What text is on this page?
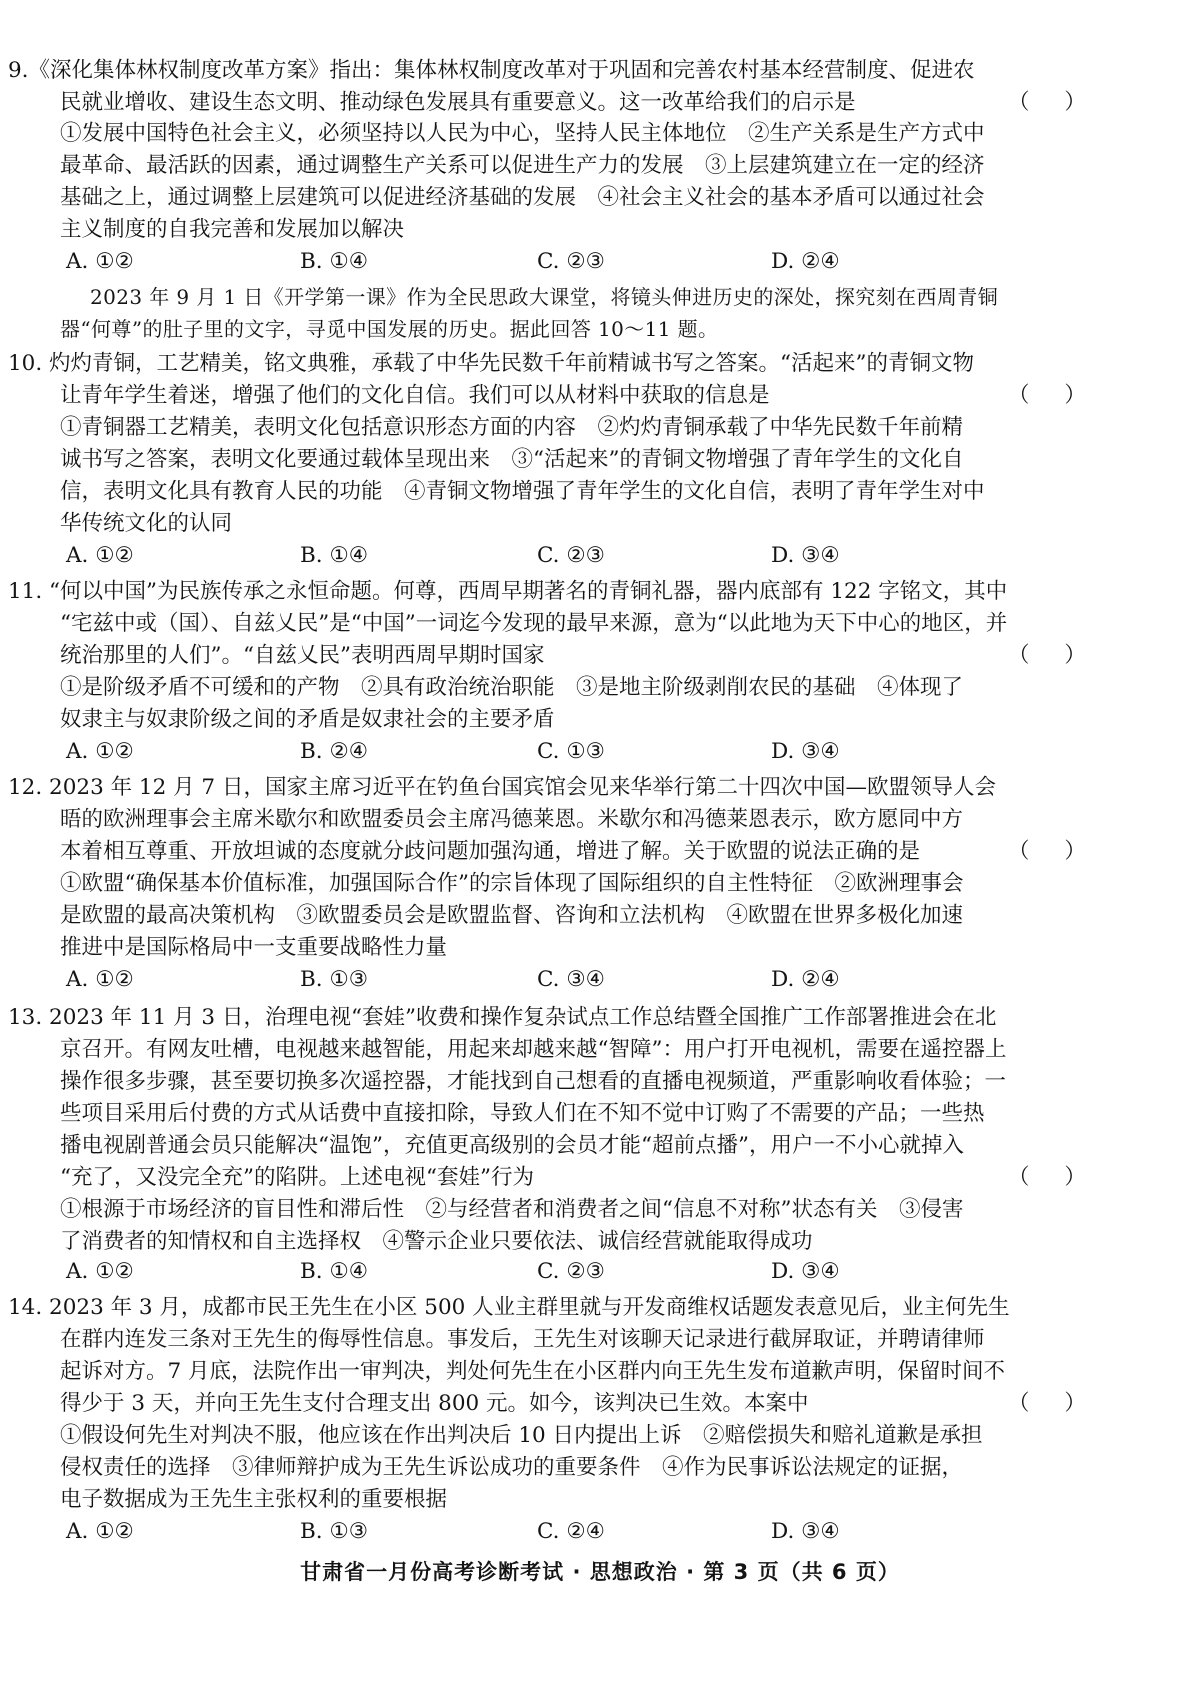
9.《深化集体林权制度改革方案》指出：集体林权制度改革对于巩固和完善农村基本经营制度、促进农
民就业增收、建设生态文明、推动绿色发展具有重要意义。这一改革给我们的启示是	（ ）
①发展中国特色社会主义，必须坚持以人民为中心，坚持人民主体地位　②生产关系是生产方式中
最革命、最活跃的因素，通过调整生产关系可以促进生产力的发展　③上层建筑建立在一定的经济
基础之上，通过调整上层建筑可以促进经济基础的发展　④社会主义社会的基本矛盾可以通过社会
主义制度的自我完善和发展加以解决
A. ①②	B. ①④	C. ②③	D. ②④
2023 年 9 月 1 日《开学第一课》作为全民思政大课堂，将镜头伸进历史的深处，探究刻在西周青铜
器“何尊”的肚子里的文字，寻觅中国发展的历史。据此回答 10～11 题。
10. 灼灼青铜，工艺精美，铭文典雅，承载了中华先民数千年前精诚书写之答案。“活起来”的青铜文物
让青年学生着迷，增强了他们的文化自信。我们可以从材料中获取的信息是	（ ）
①青铜器工艺精美，表明文化包括意识形态方面的内容　②灼灼青铜承载了中华先民数千年前精
诚书写之答案，表明文化要通过载体呈现出来　③“活起来”的青铜文物增强了青年学生的文化自
信，表明文化具有教育人民的功能　④青铜文物增强了青年学生的文化自信，表明了青年学生对中
华传统文化的认同
A. ①②	B. ①④	C. ②③	D. ③④
11. “何以中国”为民族传承之永恒命题。何尊，西周早期著名的青铜礼器，器内底部有 122 字铭文，其中
“宅兹中或（国）、自兹乂民”是“中国”一词迄今发现的最早来源，意为“以此地为天下中心的地区，并
统治那里的人们”。“自兹乂民”表明西周早期时国家	（ ）
①是阶级矛盾不可缓和的产物　②具有政治统治职能　③是地主阶级剥削农民的基础　④体现了
奴隶主与奴隶阶级之间的矛盾是奴隶社会的主要矛盾
A. ①②	B. ②④	C. ①③	D. ③④
12. 2023 年 12 月 7 日，国家主席习近平在钓鱼台国宾馆会见来华举行第二十四次中国—欧盟领导人会
晤的欧洲理事会主席米歇尔和欧盟委员会主席冯德莱恩。米歇尔和冯德莱恩表示，欧方愿同中方
本着相互尊重、开放坦诚的态度就分歧问题加强沟通，增进了解。关于欧盟的说法正确的是	（ ）
①欧盟“确保基本价值标准，加强国际合作”的宗旨体现了国际组织的自主性特征　②欧洲理事会
是欧盟的最高决策机构　③欧盟委员会是欧盟监督、咨询和立法机构　④欧盟在世界多极化加速
推进中是国际格局中一支重要战略性力量
A. ①②	B. ①③	C. ③④	D. ②④
13. 2023 年 11 月 3 日，治理电视“套娃”收费和操作复杂试点工作总结暨全国推广工作部署推进会在北
京召开。有网友吐槽，电视越来越智能，用起来却越来越“智障”：用户打开电视机，需要在遥控器上
操作很多步骤，甚至要切换多次遥控器，才能找到自己想看的直播电视频道，严重影响收看体验；一
些项目采用后付费的方式从话费中直接扣除，导致人们在不知不觉中订购了不需要的产品；一些热
播电视剧普通会员只能解决“温饱”，充值更高级别的会员才能“超前点播”，用户一不小心就掉入
“充了，又没完全充”的陷阱。上述电视“套娃”行为	（ ）
①根源于市场经济的盲目性和滞后性　②与经营者和消费者之间“信息不对称”状态有关　③侵害
了消费者的知情权和自主选择权　④警示企业只要依法、诚信经营就能取得成功
A. ①②	B. ①④	C. ②③	D. ③④
14. 2023 年 3 月，成都市民王先生在小区 500 人业主群里就与开发商维权话题发表意见后，业主何先生
在群内连发三条对王先生的侮辱性信息。事发后，王先生对该聊天记录进行截屏取证，并聘请律师
起诉对方。7 月底，法院作出一审判决，判处何先生在小区群内向王先生发布道歉声明，保留时间不
得少于 3 天，并向王先生支付合理支出 800 元。如今，该判决已生效。本案中	（ ）
①假设何先生对判决不服，他应该在作出判决后 10 日内提出上诉　②赔偿损失和赔礼道歉是承担
侵权责任的选择　③律师辩护成为王先生诉讼成功的重要条件　④作为民事诉讼法规定的证据，
电子数据成为王先生主张权利的重要根据
A. ①②	B. ①③	C. ②④	D. ③④
甘肃省一月份高考诊断考试 · 思想政治 · 第 3 页（共 6 页）
